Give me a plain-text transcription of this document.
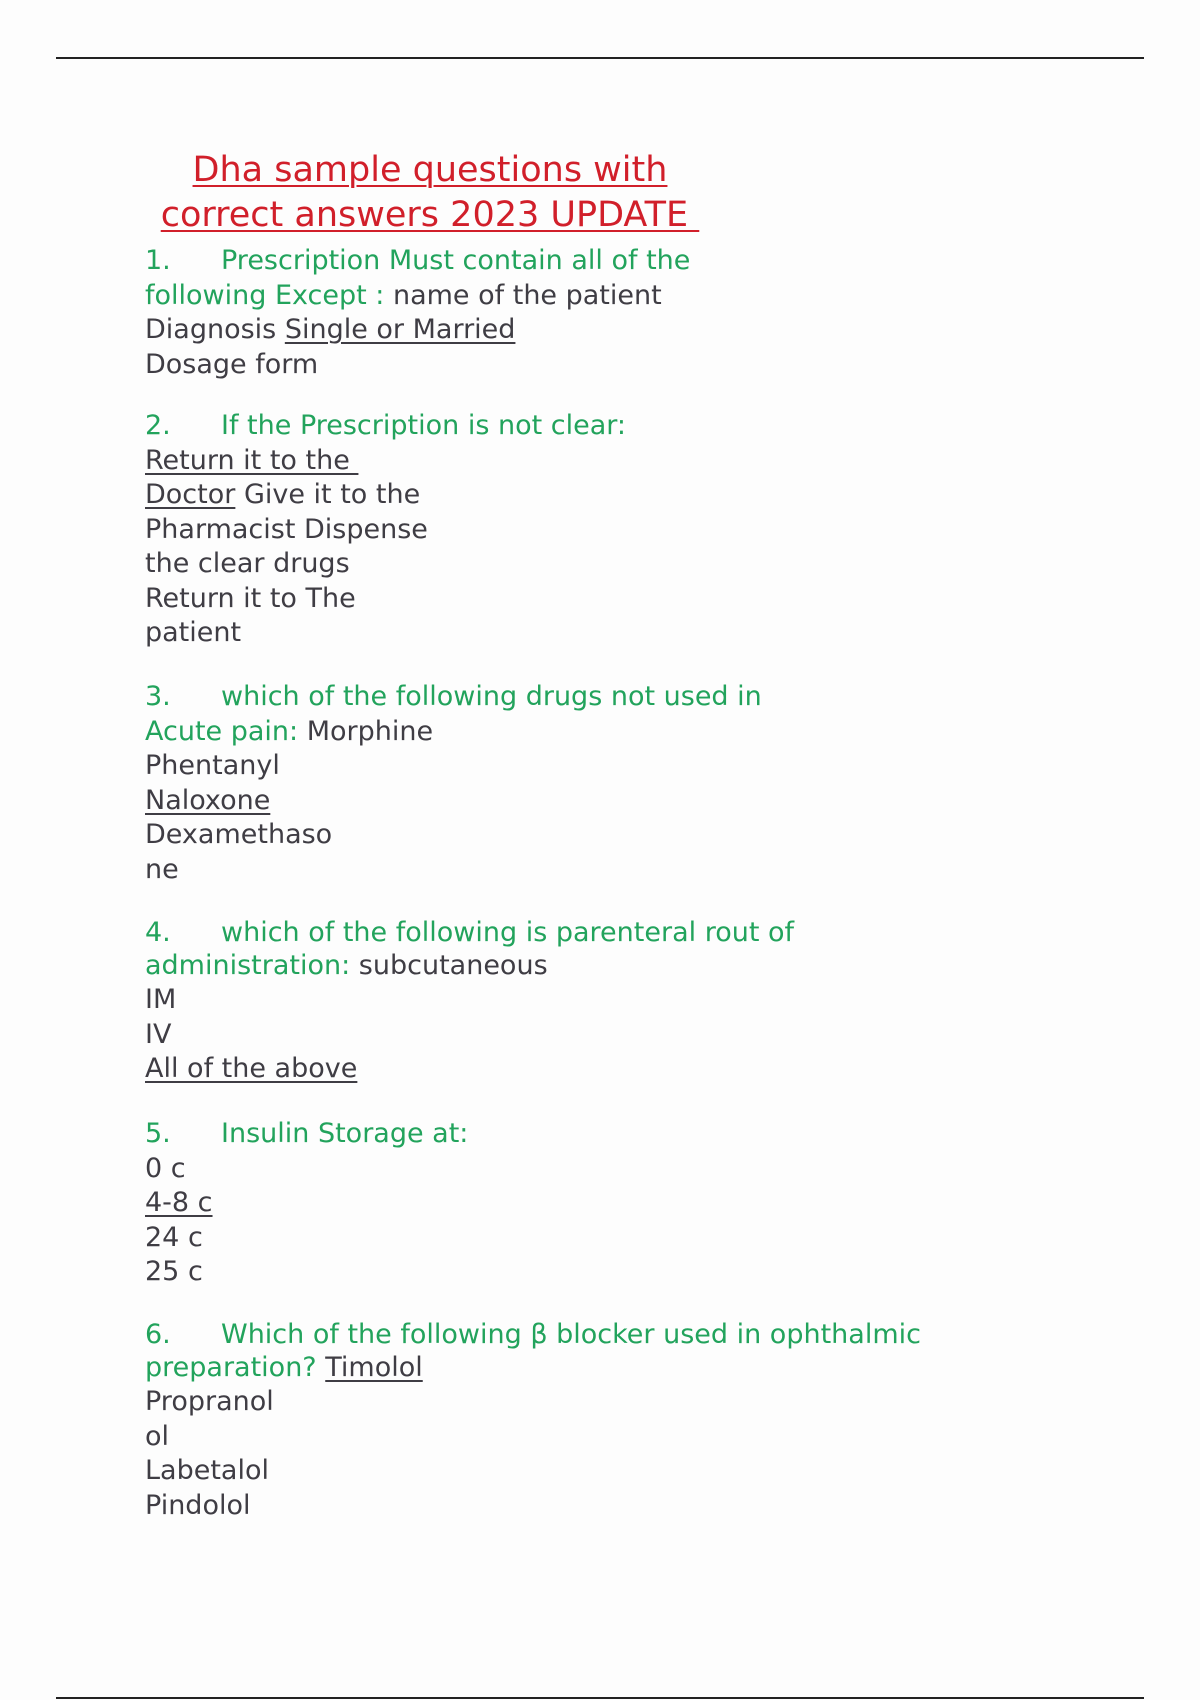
Dha sample questions with
correct answers 2023 UPDATE
1. Prescription Must contain all of the
following Except : name of the patient
Diagnosis Single or Married
Dosage form
2. If the Prescription is not clear:
Return it to the
Doctor Give it to the
Pharmacist Dispense
the clear drugs
Return it to The
patient
3. which of the following drugs not used in
Acute pain: Morphine
Phentanyl
Naloxone
Dexamethaso
ne
4. which of the following is parenteral rout of
administration: subcutaneous
IM
IV
All of the above
5. Insulin Storage at:
0 c
4-8 c
24 c
25 c
6. Which of the following β blocker used in ophthalmic
preparation? Timolol
Propranol
ol
Labetalol
Pindolol
